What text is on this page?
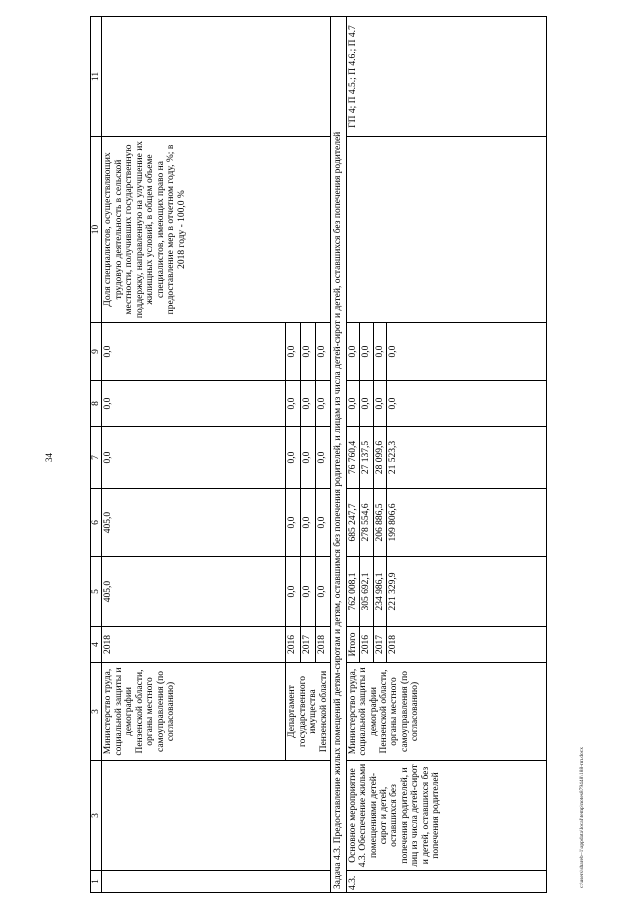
34
1	3	3	4	5	6	7	8	9	10	11
		Министерство труда, социальной защиты и демографии Пензенской области, органы местного самоуправления (по согласованию)	2018	405,0	405,0	0,0	0,0	0,0	Доля специалистов, осуществляющих трудовую деятельность в сельской местности, получивших государственную поддержку, направленную на улучшение их жилищных условий, в общем объеме специалистов, имеющих право на предоставление мер в отчетном году, %; в 2018 году - 100,0 %	
		Департамент государственного имущества Пензенской области	2016	0,0	0,0	0,0	0,0	0,0		
			2017	0,0	0,0	0,0	0,0	0,0		
			2018	0,0	0,0	0,0	0,0	0,0		
Задача 4.3. Предоставление жилых помещений детям-сиротам и детям, оставшимся без попечения родителей, и лицам из числа детей-сирот и детей, оставшихся без попечения родителей										
4.3.	Основное мероприятие 4.3. Обеспечение жильми помещениями детей-сирот и детей, оставшихся без попечения родителей, и лиц из числа детей-сирот и детей, оставшихся без попечения родителей	Министерство труда, социальной защиты и демографии Пензенской области, органы местного самоуправления (по согласованию)	Итого	762 008,1	685 247,7	76 760,4	0,0	0,0		ГП 4; П 4.5.; П 4.6.; П 4.7
			2016	305 692,1	278 554,6	27 137,5	0,0	0,0		
			2017	234 986,1	206 886,5	28 099,6	0,0	0,0		
			2018	221 329,9	199 806,6	21 523,3	0,0	0,0		
c:\users\shareb~1\appdata\local\temp\notes879448\188-пп.docx
